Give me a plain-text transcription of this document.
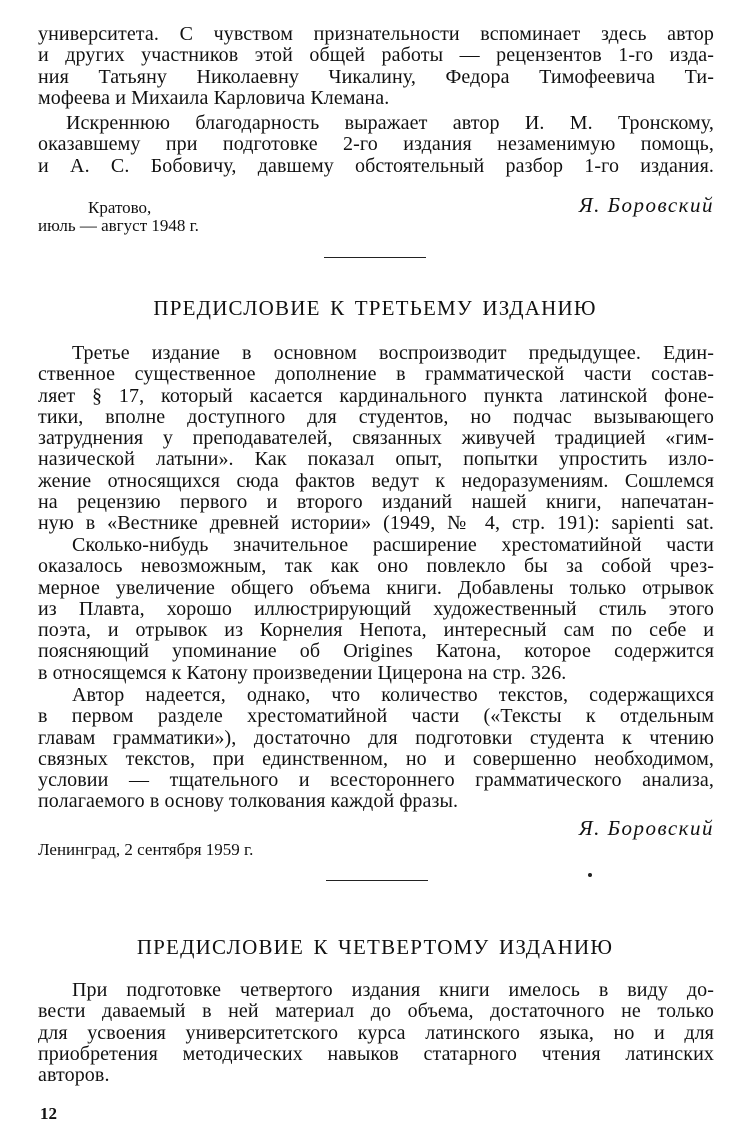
университета. С чувством признательности вспоминает здесь автор
и других участников этой общей работы — рецензентов 1-го изда-
ния Татьяну Николаевну Чикалину, Федора Тимофеевича Ти-
мофеева и Михаила Карловича Клемана.
Искреннюю благодарность выражает автор И. М. Тронскому,
оказавшему при подготовке 2-го издания незаменимую помощь,
и А. С. Бобовичу, давшему обстоятельный разбор 1-го издания.
Я. Боровский
Кратово,
июль — август 1948 г.
ПРЕДИСЛОВИЕ К ТРЕТЬЕМУ ИЗДАНИЮ
Третье издание в основном воспроизводит предыдущее. Един-
ственное существенное дополнение в грамматической части состав-
ляет § 17, который касается кардинального пункта латинской фоне-
тики, вполне доступного для студентов, но подчас вызывающего
затруднения у преподавателей, связанных живучей традицией «гим-
назической латыни». Как показал опыт, попытки упростить изло-
жение относящихся сюда фактов ведут к недоразумениям. Сошлемся
на рецензию первого и второго изданий нашей книги, напечатан-
ную в «Вестнике древней истории» (1949, № 4, стр. 191): sapienti sat.
Сколько-нибудь значительное расширение хрестоматийной части
оказалось невозможным, так как оно повлекло бы за собой чрез-
мерное увеличение общего объема книги. Добавлены только отрывок
из Плавта, хорошо иллюстрирующий художественный стиль этого
поэта, и отрывок из Корнелия Непота, интересный сам по себе и
поясняющий упоминание об Origines Катона, которое содержится
в относящемся к Катону произведении Цицерона на стр. 326.
Автор надеется, однако, что количество текстов, содержащихся
в первом разделе хрестоматийной части («Тексты к отдельным
главам грамматики»), достаточно для подготовки студента к чтению
связных текстов, при единственном, но и совершенно необходимом,
условии — тщательного и всестороннего грамматического анализа,
полагаемого в основу толкования каждой фразы.
Я. Боровский
Ленинград, 2 сентября 1959 г.
ПРЕДИСЛОВИЕ К ЧЕТВЕРТОМУ ИЗДАНИЮ
При подготовке четвертого издания книги имелось в виду до-
вести даваемый в ней материал до объема, достаточного не только
для усвоения университетского курса латинского языка, но и для
приобретения методических навыков статарного чтения латинских
авторов.
12
